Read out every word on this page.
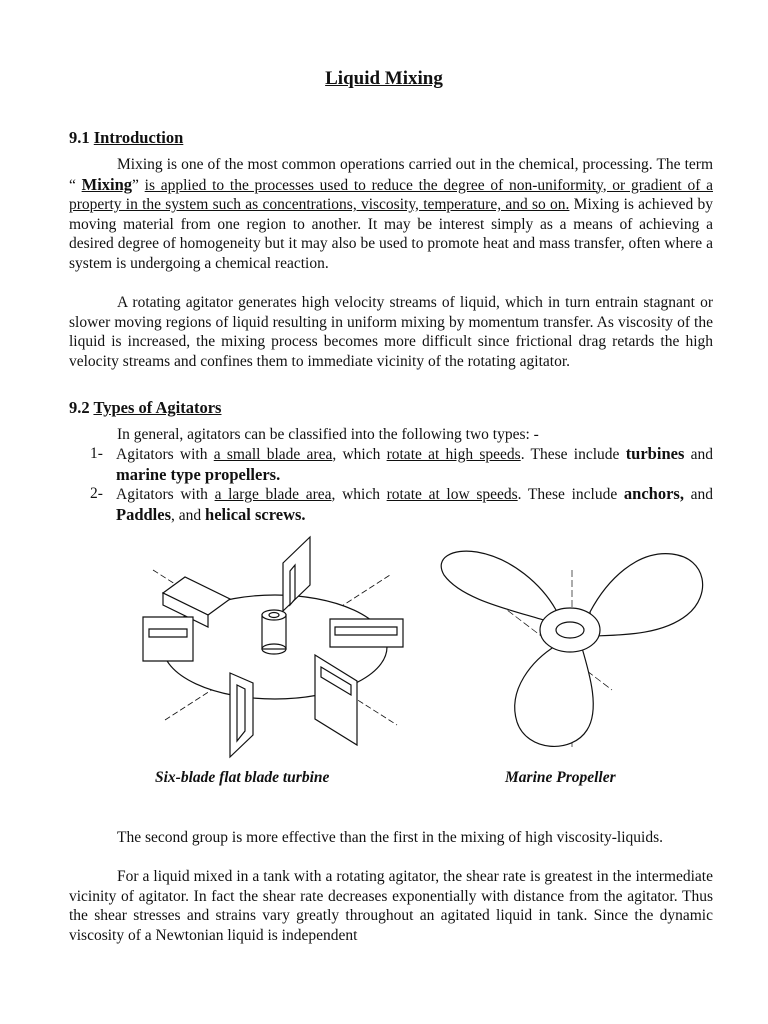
Liquid Mixing
9.1 Introduction
Mixing is one of the most common operations carried out in the chemical, processing. The term “ Mixing” is applied to the processes used to reduce the degree of non-uniformity, or gradient of a property in the system such as concentrations, viscosity, temperature, and so on. Mixing is achieved by moving material from one region to another. It may be interest simply as a means of achieving a desired degree of homogeneity but it may also be used to promote heat and mass transfer, often where a system is undergoing a chemical reaction.
A rotating agitator generates high velocity streams of liquid, which in turn entrain stagnant or slower moving regions of liquid resulting in uniform mixing by momentum transfer. As viscosity of the liquid is increased, the mixing process becomes more difficult since frictional drag retards the high velocity streams and confines them to immediate vicinity of the rotating agitator.
9.2 Types of Agitators
In general, agitators can be classified into the following two types: -
1- Agitators with a small blade area, which rotate at high speeds. These include turbines and marine type propellers.
2- Agitators with a large blade area, which rotate at low speeds. These include anchors, and Paddles, and helical screws.
Six-blade flat blade turbine	Marine Propeller
The second group is more effective than the first in the mixing of high viscosity-liquids.
For a liquid mixed in a tank with a rotating agitator, the shear rate is greatest in the intermediate vicinity of agitator. In fact the shear rate decreases exponentially with distance from the agitator. Thus the shear stresses and strains vary greatly throughout an agitated liquid in tank. Since the dynamic viscosity of a Newtonian liquid is independent
